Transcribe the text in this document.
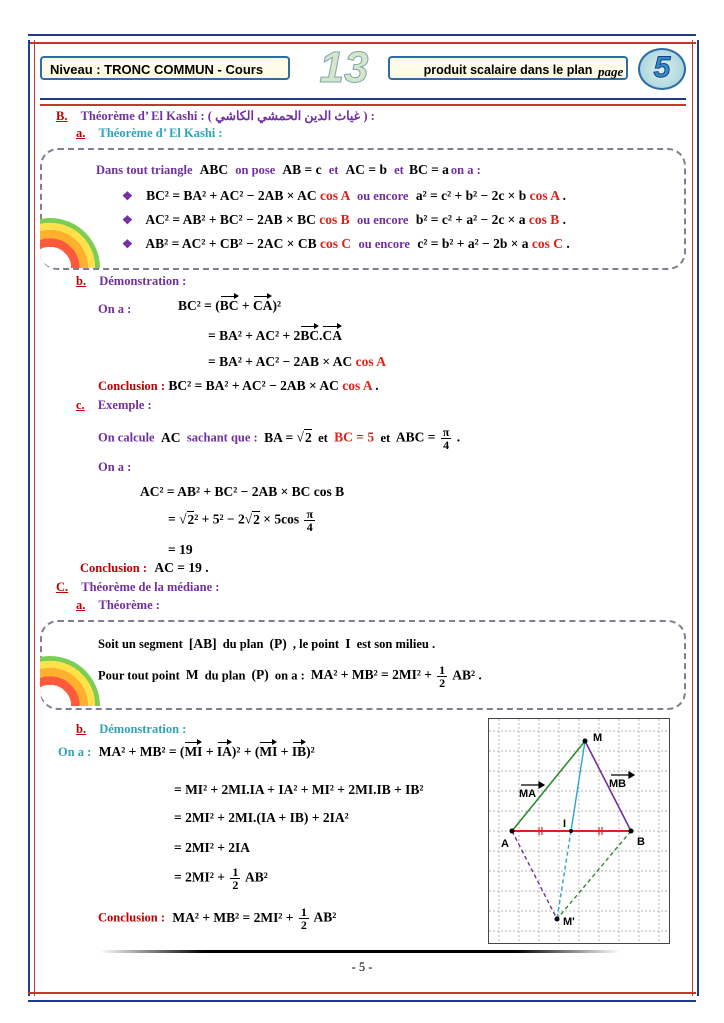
Niveau : TRONC COMMUN - Cours	13	produit scalaire dans le plan page	5
B. Théorème d’ El Kashi : ( غياث الدين الحمشي الكاشي ) :
a. Théorème d’ El Kashi :
Dans tout triangle ABC on pose AB = c et AC = b et BC = a on a :
❖ BC² = BA² + AC² − 2AB × AC cos A ou encore a² = c² + b² − 2c × b cos A .
❖ AC² = AB² + BC² − 2AB × BC cos B ou encore b² = c² + a² − 2c × a cos B .
❖ AB² = AC² + CB² − 2AC × CB cos C ou encore c² = b² + a² − 2b × a cos C .
b. Démonstration :
On a :	BC² = (BC + CA)²
= BA² + AC² + 2BC.CA
= BA² + AC² − 2AB × AC cos A
Conclusion : BC² = BA² + AC² − 2AB × AC cos A .
c. Exemple :
On calcule AC sachant que : BA = √2 et BC = 5 et ABC = $\frac{\pi}{4}$ .
On a :
AC² = AB² + BC² − 2AB × BC cos B
= $√2^2 + 5^2 - 2√2 \times 5\cos \frac{\pi}{4}$
= 19
Conclusion : AC = 19 .
C. Théorème de la médiane :
a. Théorème :
Soit un segment [AB] du plan (P) , le point I est son milieu .
Pour tout point M du plan (P) on a : $MA^2 + MB^2 = 2MI^2 + \frac{1}{2} AB^2$ .
b. Démonstration :
On a : MA² + MB² = (MI + IA)² + (MI + IB)²
= MI² + 2MI.IA + IA² + MI² + 2MI.IB + IB²
= 2MI² + 2MI.(IA + IB) + 2IA²
= 2MI² + 2IA
= $2MI^2 + \frac{1}{2} AB^2$
Conclusion : $MA^2 + MB^2 = 2MI^2 + \frac{1}{2} AB^2$
M
A	B
I
M'
MA
MB
- 5 -
